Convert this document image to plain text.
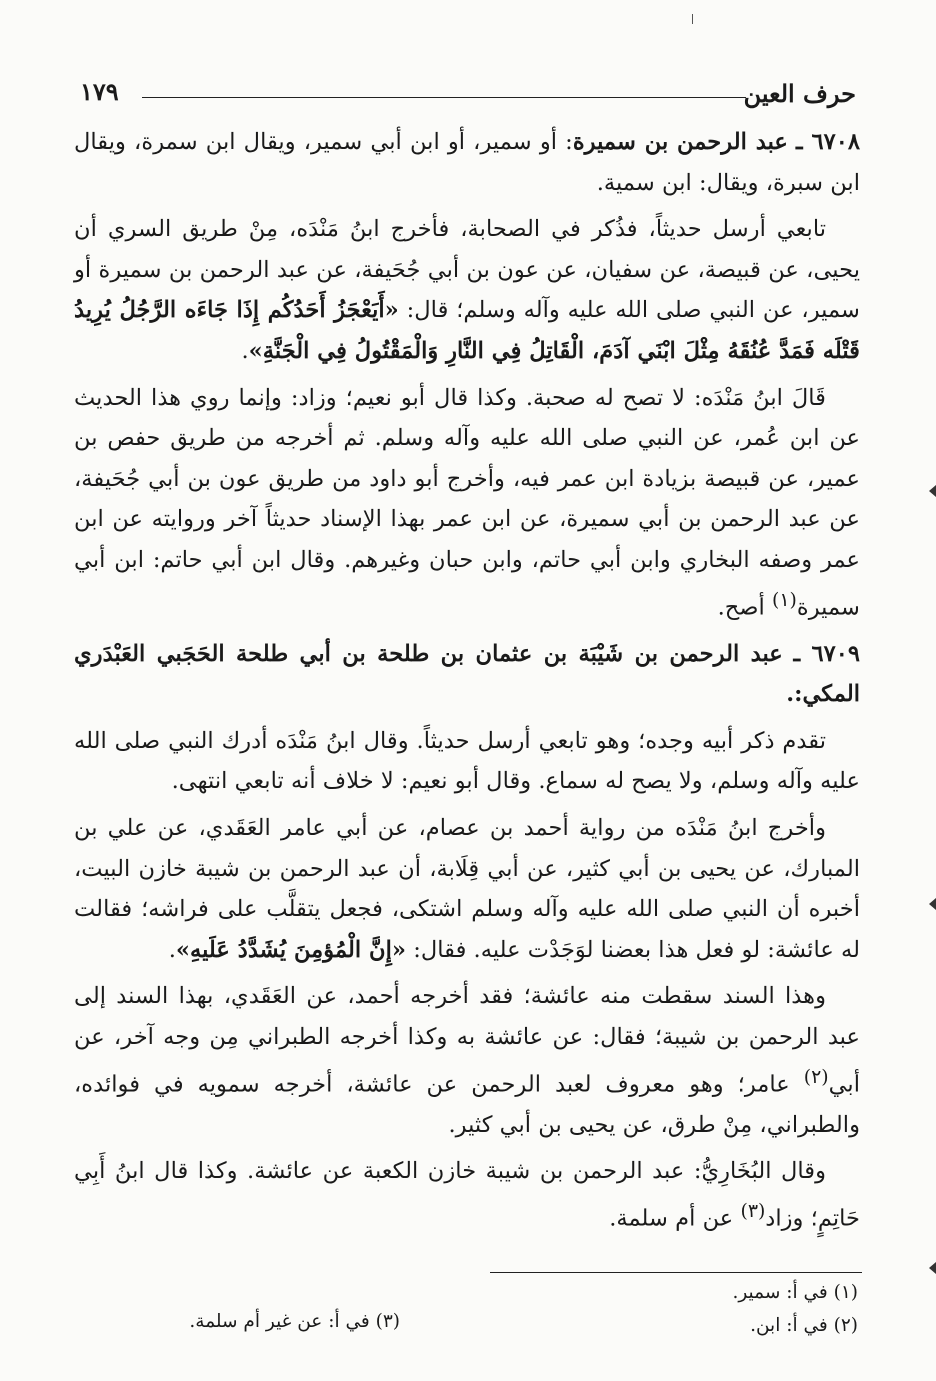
حرف العين
١٧٩

٦٧٠٨ ـ عبد الرحمن بن سميرة: أو سمير، أو ابن أبي سمير، ويقال ابن سمرة، ويقال ابن سبرة، ويقال: ابن سمية.

تابعي أرسل حديثاً، فذُكر في الصحابة، فأخرج ابنُ مَنْدَه، مِنْ طريق السري أن يحيى، عن قبيصة، عن سفيان، عن عون بن أبي جُحَيفة، عن عبد الرحمن بن سميرة أو سمير، عن النبي صلى الله عليه وآله وسلم؛ قال: «أَيَعْجَزُ أَحَدُكُم إِذَا جَاءَه الرَّجُلُ يُرِيدُ قَتْلَه فَمَدَّ عُنُقَهُ مِثْلَ ابْنَي آدَمَ، الْقَاتِلُ فِي النَّارِ وَالْمَقْتُولُ فِي الْجَنَّةِ».

قَالَ ابنُ مَنْدَه: لا تصح له صحبة. وكذا قال أبو نعيم؛ وزاد: وإنما روي هذا الحديث عن ابن عُمر، عن النبي صلى الله عليه وآله وسلم. ثم أخرجه من طريق حفص بن عمير، عن قبيصة بزيادة ابن عمر فيه، وأخرج أبو داود من طريق عون بن أبي جُحَيفة، عن عبد الرحمن بن أبي سميرة، عن ابن عمر بهذا الإسناد حديثاً آخر وروايته عن ابن عمر وصفه البخاري وابن أبي حاتم، وابن حبان وغيرهم. وقال ابن أبي حاتم: ابن أبي سميرة$^{(١)}$ أصح.

٦٧٠٩ ـ عبد الرحمن بن شَيْبَة بن عثمان بن طلحة بن أبي طلحة الحَجَبي العَبْدَري المكي:.

تقدم ذكر أبيه وجده؛ وهو تابعي أرسل حديثاً. وقال ابنُ مَنْدَه أدرك النبي صلى الله عليه وآله وسلم، ولا يصح له سماع. وقال أبو نعيم: لا خلاف أنه تابعي انتهى.

وأخرج ابنُ مَنْدَه من رواية أحمد بن عصام، عن أبي عامر العَقَدي، عن علي بن المبارك، عن يحيى بن أبي كثير، عن أبي قِلَابة، أن عبد الرحمن بن شيبة خازن البيت، أخبره أن النبي صلى الله عليه وآله وسلم اشتكى، فجعل يتقلَّب على فراشه؛ فقالت له عائشة: لو فعل هذا بعضنا لوَجَدْت عليه. فقال: «إِنَّ الْمُؤمِنَ يُشَدَّدُ عَلَيهِ».

وهذا السند سقطت منه عائشة؛ فقد أخرجه أحمد، عن العَقَدي، بهذا السند إلى عبد الرحمن بن شيبة؛ فقال: عن عائشة به وكذا أخرجه الطبراني مِن وجه آخر، عن أبي$^{(٢)}$ عامر؛ وهو معروف لعبد الرحمن عن عائشة، أخرجه سمويه في فوائده، والطبراني، مِنْ طرق، عن يحيى بن أبي كثير.

وقال البُخَارِيُّ: عبد الرحمن بن شيبة خازن الكعبة عن عائشة. وكذا قال ابنُ أَبِي حَاتِمٍ؛ وزاد$^{(٣)}$ عن أم سلمة.

(١) في أ: سمير.
(٢) في أ: ابن.
(٣) في أ: عن غير أم سلمة.
